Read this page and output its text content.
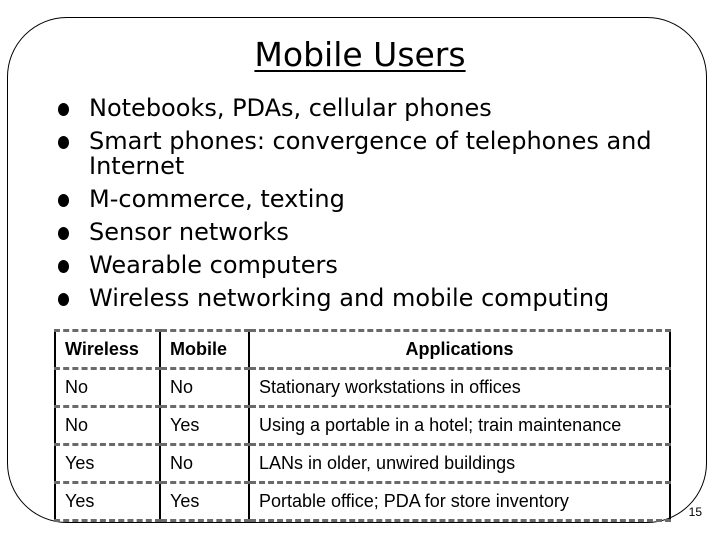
Mobile Users
Notebooks, PDAs, cellular phones
Smart phones: convergence of telephones and Internet
M-commerce, texting
Sensor networks
Wearable computers
Wireless networking and mobile computing
Wireless	Mobile	Applications
No	No	Stationary workstations in offices
No	Yes	Using a portable in a hotel; train maintenance
Yes	No	LANs in older, unwired buildings
Yes	Yes	Portable office; PDA for store inventory
15
